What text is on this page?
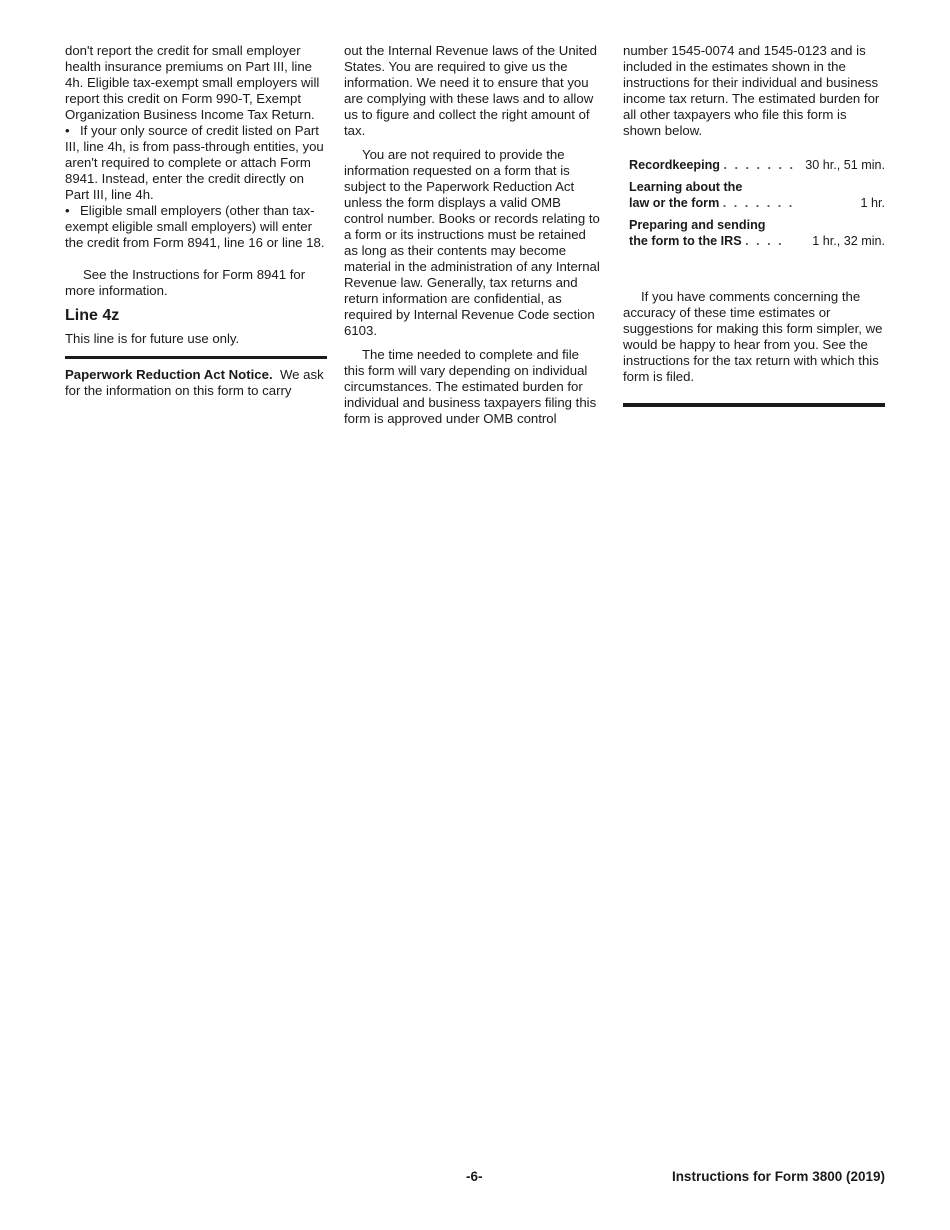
don't report the credit for small employer health insurance premiums on Part III, line 4h. Eligible tax-exempt small employers will report this credit on Form 990-T, Exempt Organization Business Income Tax Return.

• If your only source of credit listed on Part III, line 4h, is from pass-through entities, you aren't required to complete or attach Form 8941. Instead, enter the credit directly on Part III, line 4h.

• Eligible small employers (other than tax-exempt eligible small employers) will enter the credit from Form 8941, line 16 or line 18.

See the Instructions for Form 8941 for more information.

Line 4z

This line is for future use only.

Paperwork Reduction Act Notice. We ask for the information on this form to carry

out the Internal Revenue laws of the United States. You are required to give us the information. We need it to ensure that you are complying with these laws and to allow us to figure and collect the right amount of tax.

You are not required to provide the information requested on a form that is subject to the Paperwork Reduction Act unless the form displays a valid OMB control number. Books or records relating to a form or its instructions must be retained as long as their contents may become material in the administration of any Internal Revenue law. Generally, tax returns and return information are confidential, as required by Internal Revenue Code section 6103.

The time needed to complete and file this form will vary depending on individual circumstances. The estimated burden for individual and business taxpayers filing this form is approved under OMB control

number 1545-0074 and 1545-0123 and is included in the estimates shown in the instructions for their individual and business income tax return. The estimated burden for all other taxpayers who file this form is shown below.

Recordkeeping . . . . . . .	30 hr., 51 min.
Learning about the
law or the form . . . . . . .	1 hr.
Preparing and sending
the form to the IRS . . . .	1 hr., 32 min.

If you have comments concerning the accuracy of these time estimates or suggestions for making this form simpler, we would be happy to hear from you. See the instructions for the tax return with which this form is filed.

-6-	Instructions for Form 3800 (2019)
